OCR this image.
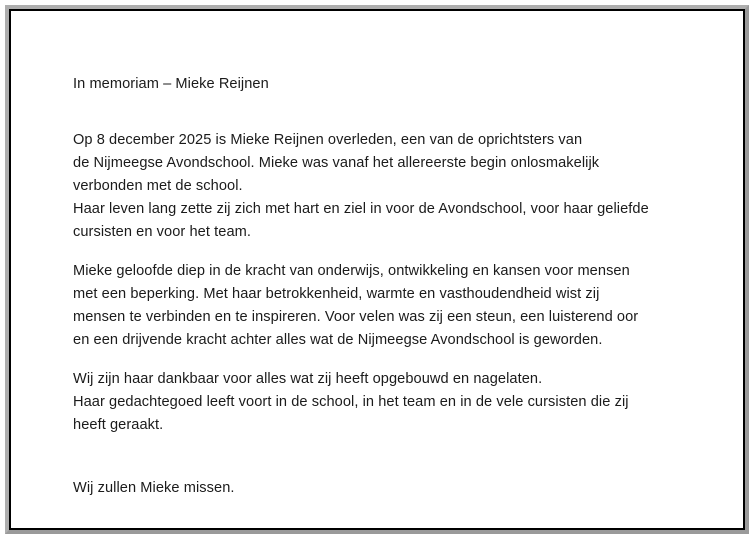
In memoriam – Mieke Reijnen

Op 8 december 2025 is Mieke Reijnen overleden, een van de oprichtsters van
de Nijmeegse Avondschool. Mieke was vanaf het allereerste begin onlosmakelijk
verbonden met de school.
Haar leven lang zette zij zich met hart en ziel in voor de Avondschool, voor haar geliefde
cursisten en voor het team.

Mieke geloofde diep in de kracht van onderwijs, ontwikkeling en kansen voor mensen
met een beperking. Met haar betrokkenheid, warmte en vasthoudendheid wist zij
mensen te verbinden en te inspireren. Voor velen was zij een steun, een luisterend oor
en een drijvende kracht achter alles wat de Nijmeegse Avondschool is geworden.

Wij zijn haar dankbaar voor alles wat zij heeft opgebouwd en nagelaten.
Haar gedachtegoed leeft voort in de school, in het team en in de vele cursisten die zij
heeft geraakt.

Wij zullen Mieke missen.
